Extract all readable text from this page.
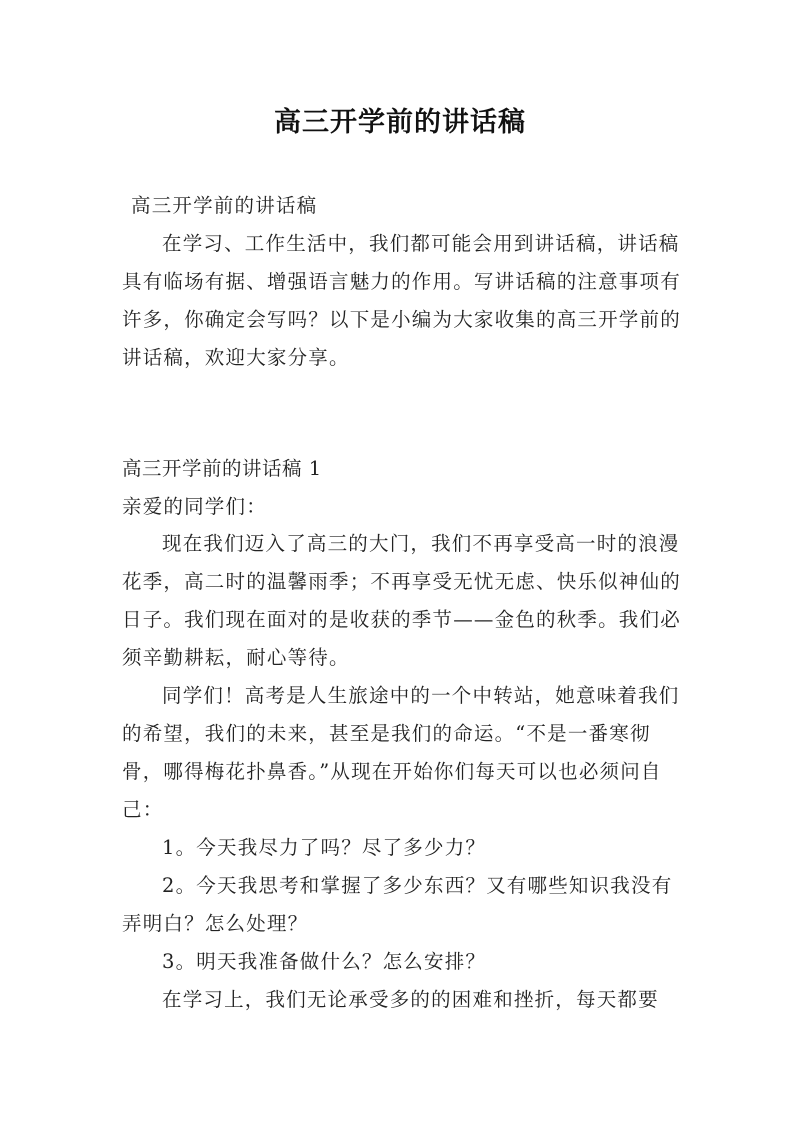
高三开学前的讲话稿
高三开学前的讲话稿
在学习、工作生活中，我们都可能会用到讲话稿，讲话稿具有临场有据、增强语言魅力的作用。写讲话稿的注意事项有许多，你确定会写吗？以下是小编为大家收集的高三开学前的讲话稿，欢迎大家分享。
高三开学前的讲话稿 1
亲爱的同学们：
现在我们迈入了高三的大门，我们不再享受高一时的浪漫花季，高二时的温馨雨季；不再享受无忧无虑、快乐似神仙的日子。我们现在面对的是收获的季节——金色的秋季。我们必须辛勤耕耘，耐心等待。
同学们！高考是人生旅途中的一个中转站，她意味着我们的希望，我们的未来，甚至是我们的命运。“不是一番寒彻骨，哪得梅花扑鼻香。”从现在开始你们每天可以也必须问自己：
1。今天我尽力了吗？尽了多少力？
2。今天我思考和掌握了多少东西？又有哪些知识我没有弄明白？怎么处理？
3。明天我准备做什么？怎么安排？
在学习上，我们无论承受多的的困难和挫折，每天都要
